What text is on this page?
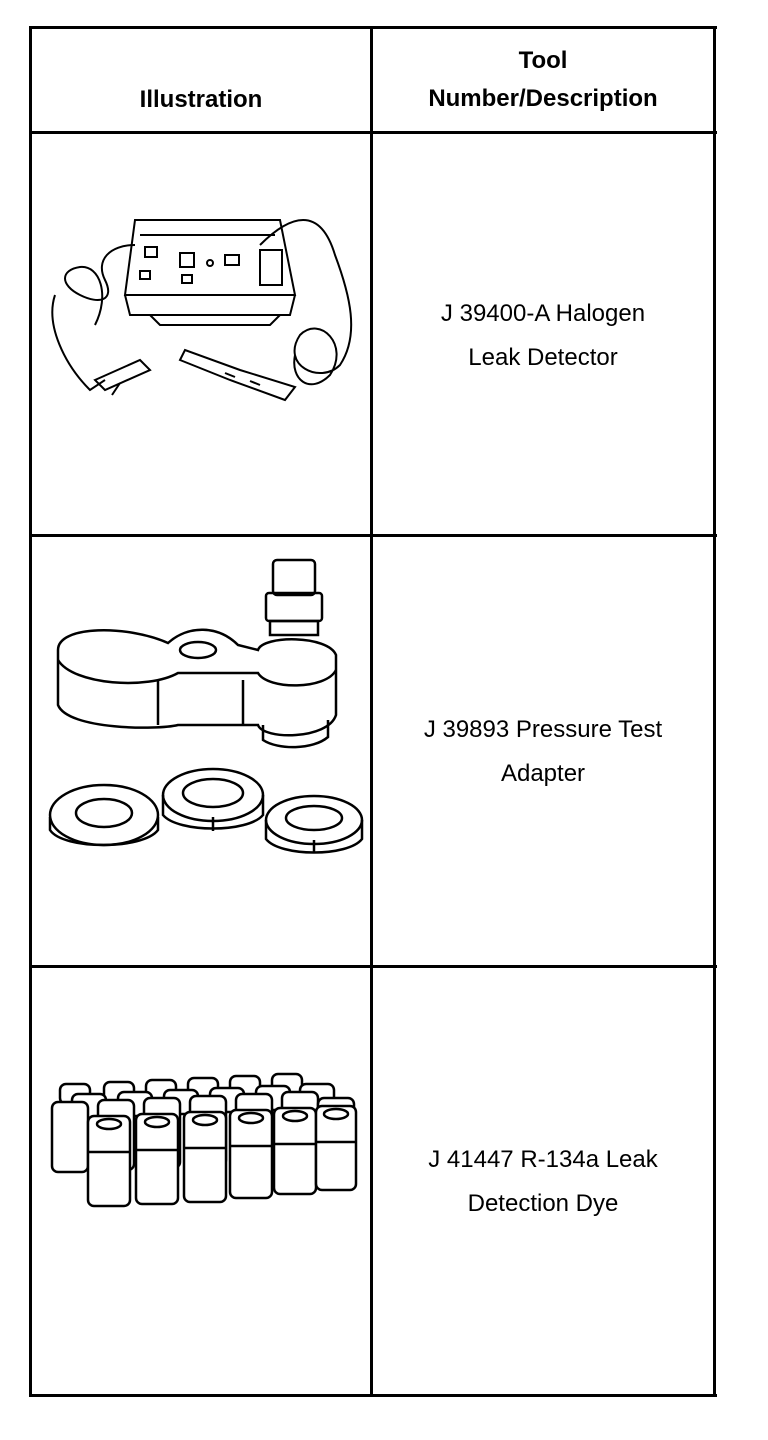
Illustration
Tool
Number/Description
J 39400-A Halogen
Leak Detector
J 39893 Pressure Test
Adapter
J 41447 R-134a Leak
Detection Dye
